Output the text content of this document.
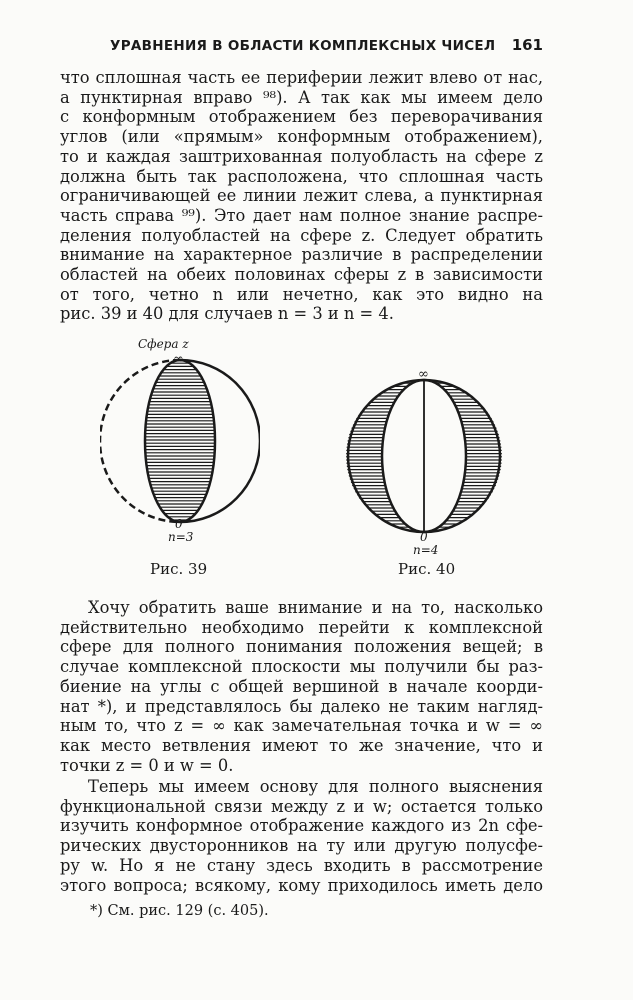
УРАВНЕНИЯ В ОБЛАСТИ КОМПЛЕКСНЫХ ЧИСЕЛ	161
что сплошная часть ее периферии лежит влево от нас,
а пунктирная вправо ⁹⁸). А так как мы имеем дело
с конформным отображением без переворачивания
углов (или «прямым» конформным отображением),
то и каждая заштрихованная полуобласть на сфере z
должна быть так расположена, что сплошная часть
ограничивающей ее линии лежит слева, а пунктирная
часть справа ⁹⁹). Это дает нам полное знание распре-
деления полуобластей на сфере z. Следует обратить
внимание на характерное различие в распределении
областей на обеих половинах сферы z в зависимости
от того, четно n или нечетно, как это видно на
рис. 39 и 40 для случаев n = 3 и n = 4.
Сфера z
∞
0
n=3
Рис. 39
∞
0
n=4
Рис. 40
Хочу обратить ваше внимание и на то, насколько
действительно необходимо перейти к комплексной
сфере для полного понимания положения вещей; в
случае комплексной плоскости мы получили бы раз-
биение на углы с общей вершиной в начале коорди-
нат *), и представлялось бы далеко не таким нагляд-
ным то, что z = ∞ как замечательная точка и w = ∞
как место ветвления имеют то же значение, что и
точки z = 0 и w = 0.
Теперь мы имеем основу для полного выяснения
функциональной связи между z и w; остается только
изучить конформное отображение каждого из 2n сфе-
рических двусторонников на ту или другую полусфе-
ру w. Но я не стану здесь входить в рассмотрение
этого вопроса; всякому, кому приходилось иметь дело
*) См. рис. 129 (с. 405).
